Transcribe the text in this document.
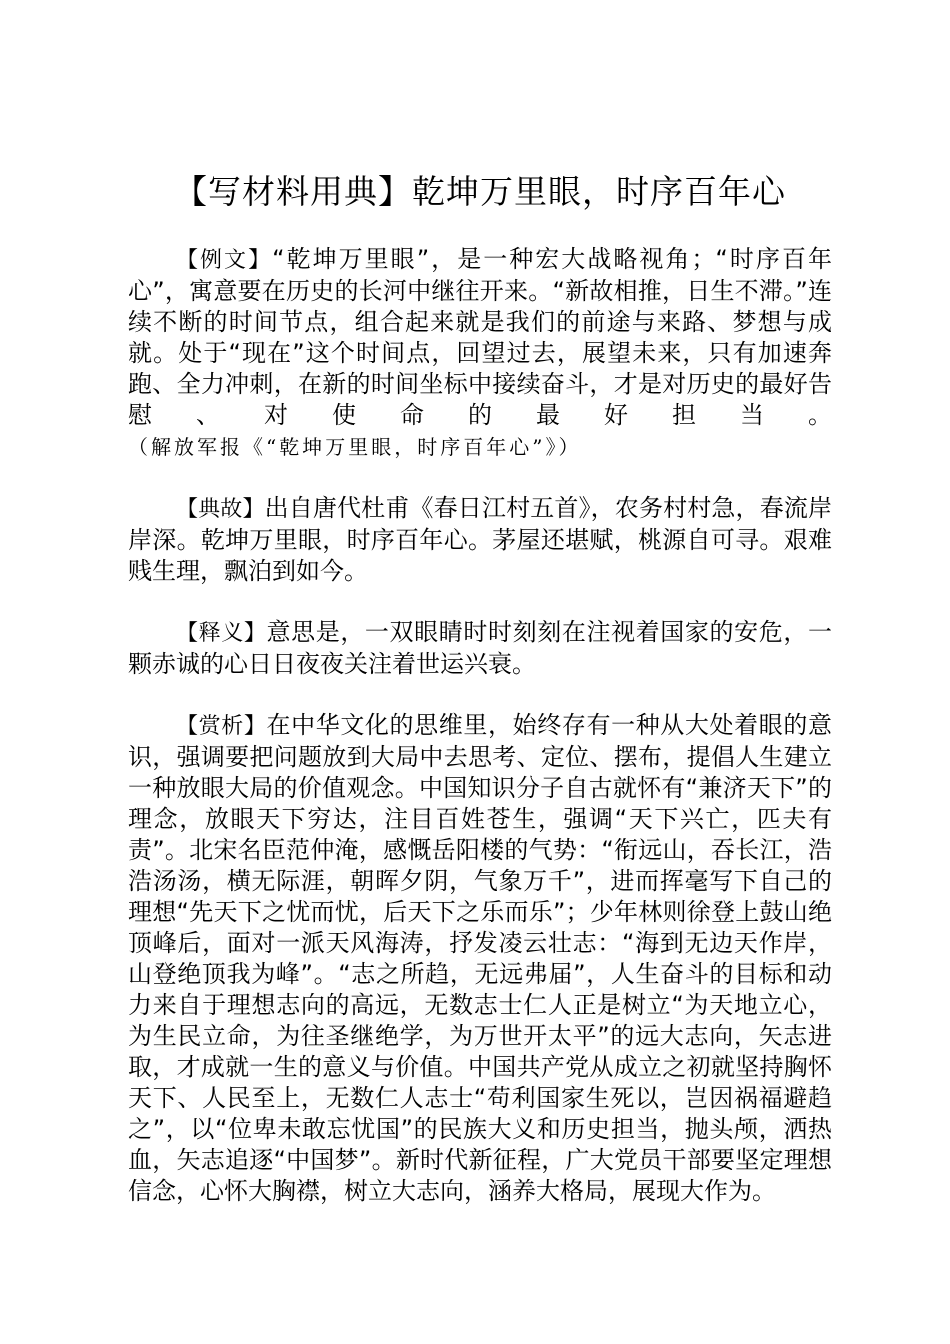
【写材料用典】乾坤万里眼，时序百年心

【例文】“乾坤万里眼”，是一种宏大战略视角；“时序百年心”，寓意要在历史的长河中继往开来。“新故相推，日生不滞。”连续不断的时间节点，组合起来就是我们的前途与来路、梦想与成就。处于“现在”这个时间点，回望过去，展望未来，只有加速奔跑、全力冲刺，在新的时间坐标中接续奋斗，才是对历史的最好告慰、对使命的最好担当。（解放军报《“乾坤万里眼，时序百年心”》）

【典故】出自唐代杜甫《春日江村五首》，农务村村急，春流岸岸深。乾坤万里眼，时序百年心。茅屋还堪赋，桃源自可寻。艰难贱生理，飘泊到如今。

【释义】意思是，一双眼睛时时刻刻在注视着国家的安危，一颗赤诚的心日日夜夜关注着世运兴衰。

【赏析】在中华文化的思维里，始终存有一种从大处着眼的意识，强调要把问题放到大局中去思考、定位、摆布，提倡人生建立一种放眼大局的价值观念。中国知识分子自古就怀有“兼济天下”的理念，放眼天下穷达，注目百姓苍生，强调“天下兴亡，匹夫有责”。北宋名臣范仲淹，感慨岳阳楼的气势：“衔远山，吞长江，浩浩汤汤，横无际涯，朝晖夕阴，气象万千”，进而挥毫写下自己的理想“先天下之忧而忧，后天下之乐而乐”；少年林则徐登上鼓山绝顶峰后，面对一派天风海涛，抒发凌云壮志：“海到无边天作岸，山登绝顶我为峰”。“志之所趋，无远弗届”，人生奋斗的目标和动力来自于理想志向的高远，无数志士仁人正是树立“为天地立心，为生民立命，为往圣继绝学，为万世开太平”的远大志向，矢志进取，才成就一生的意义与价值。中国共产党从成立之初就坚持胸怀天下、人民至上，无数仁人志士“苟利国家生死以，岂因祸福避趋之”，以“位卑未敢忘忧国”的民族大义和历史担当，抛头颅，洒热血，矢志追逐“中国梦”。新时代新征程，广大党员干部要坚定理想信念，心怀大胸襟，树立大志向，涵养大格局，展现大作为。
